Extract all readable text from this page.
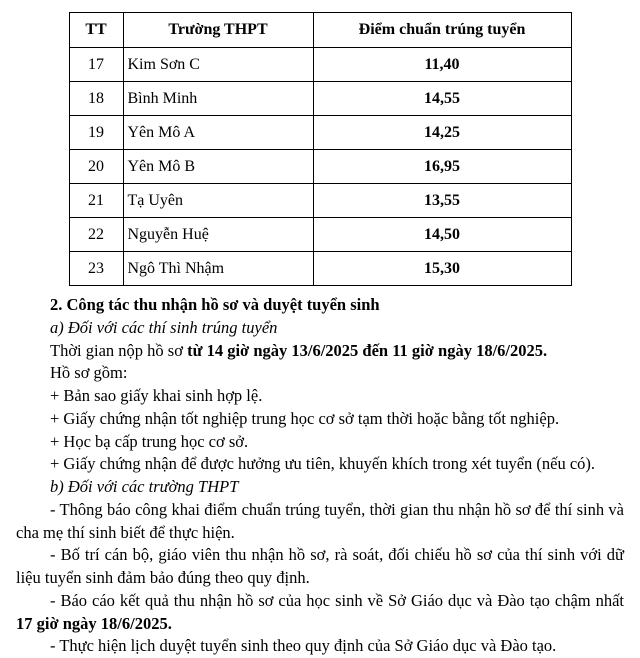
TT	Trường THPT	Điểm chuẩn trúng tuyển
17	Kim Sơn C	11,40
18	Bình Minh	14,55
19	Yên Mô A	14,25
20	Yên Mô B	16,95
21	Tạ Uyên	13,55
22	Nguyễn Huệ	14,50
23	Ngô Thì Nhậm	15,30

2. Công tác thu nhận hồ sơ và duyệt tuyển sinh

a) Đối với các thí sinh trúng tuyển

Thời gian nộp hồ sơ từ 14 giờ ngày 13/6/2025 đến 11 giờ ngày 18/6/2025.

Hồ sơ gồm:

+ Bản sao giấy khai sinh hợp lệ.

+ Giấy chứng nhận tốt nghiệp trung học cơ sở tạm thời hoặc bằng tốt nghiệp.

+ Học bạ cấp trung học cơ sở.

+ Giấy chứng nhận để được hưởng ưu tiên, khuyến khích trong xét tuyển (nếu có).

b) Đối với các trường THPT

- Thông báo công khai điểm chuẩn trúng tuyển, thời gian thu nhận hồ sơ để thí sinh và cha mẹ thí sinh biết để thực hiện.

- Bố trí cán bộ, giáo viên thu nhận hồ sơ, rà soát, đối chiếu hồ sơ của thí sinh với dữ liệu tuyển sinh đảm bảo đúng theo quy định.

- Báo cáo kết quả thu nhận hồ sơ của học sinh về Sở Giáo dục và Đào tạo chậm nhất 17 giờ ngày 18/6/2025.

- Thực hiện lịch duyệt tuyển sinh theo quy định của Sở Giáo dục và Đào tạo.
